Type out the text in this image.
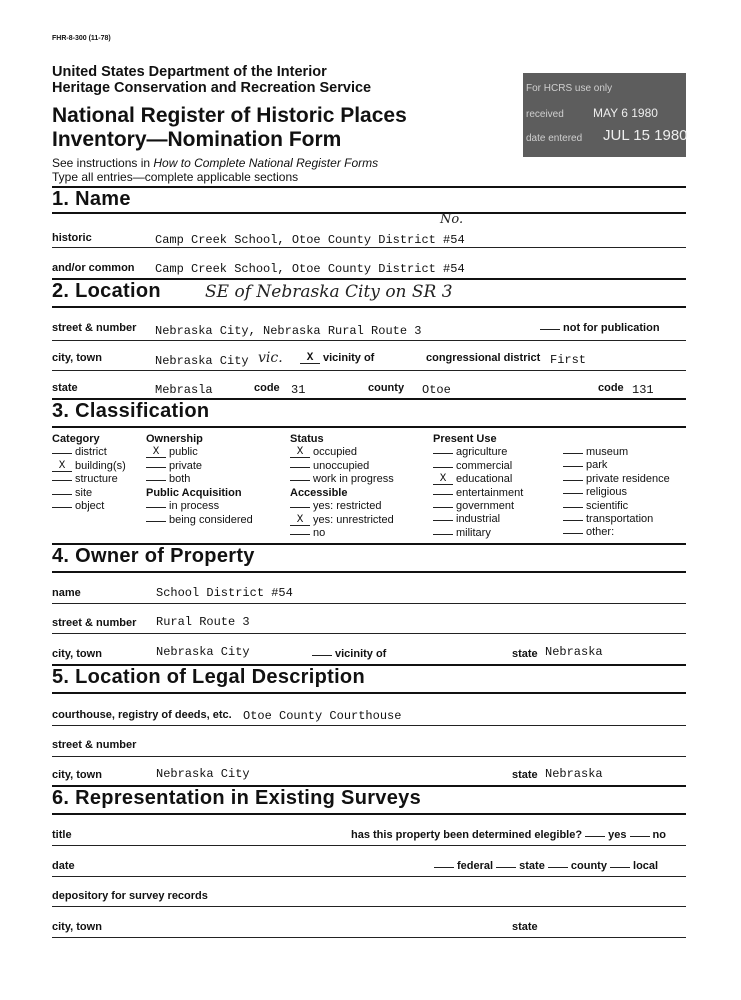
FHR-8-300 (11-78)
United States Department of the Interior
Heritage Conservation and Recreation Service
National Register of Historic Places
Inventory—Nomination Form
See instructions in How to Complete National Register Forms
Type all entries—complete applicable sections
For HCRS use only
received MAY 6 1980
date entered JUL 15 1980
1. Name
historic	Camp Creek School, Otoe County District #54
No.
and/or common Camp Creek School, Otoe County District #54
2. Location	SE of Nebraska City on SR 3
street & number Nebraska City, Nebraska Rural Route 3	not for publication
city, town	Nebraska City vic.	X vicinity of	congressional district First
state	Mebrasla	code 31	county Otoe	code 131
3. Classification
Category
district
X building(s)
structure
site
object
Ownership
X public
private
both
Public Acquisition
in process
being considered
Status
X occupied
unoccupied
work in progress
Accessible
yes: restricted
X yes: unrestricted
no
Present Use
agriculture
commercial
X educational
entertainment
government
industrial
military
museum
park
private residence
religious
scientific
transportation
other:
4. Owner of Property
name	School District #54
street & number Rural Route 3
city, town	Nebraska City	vicinity of	state Nebraska
5. Location of Legal Description
courthouse, registry of deeds, etc. Otoe County Courthouse
street & number
city, town	Nebraska City	state Nebraska
6. Representation in Existing Surveys
title	has this property been determined elegible? yes no
date	federal state county local
depository for survey records
city, town	state
